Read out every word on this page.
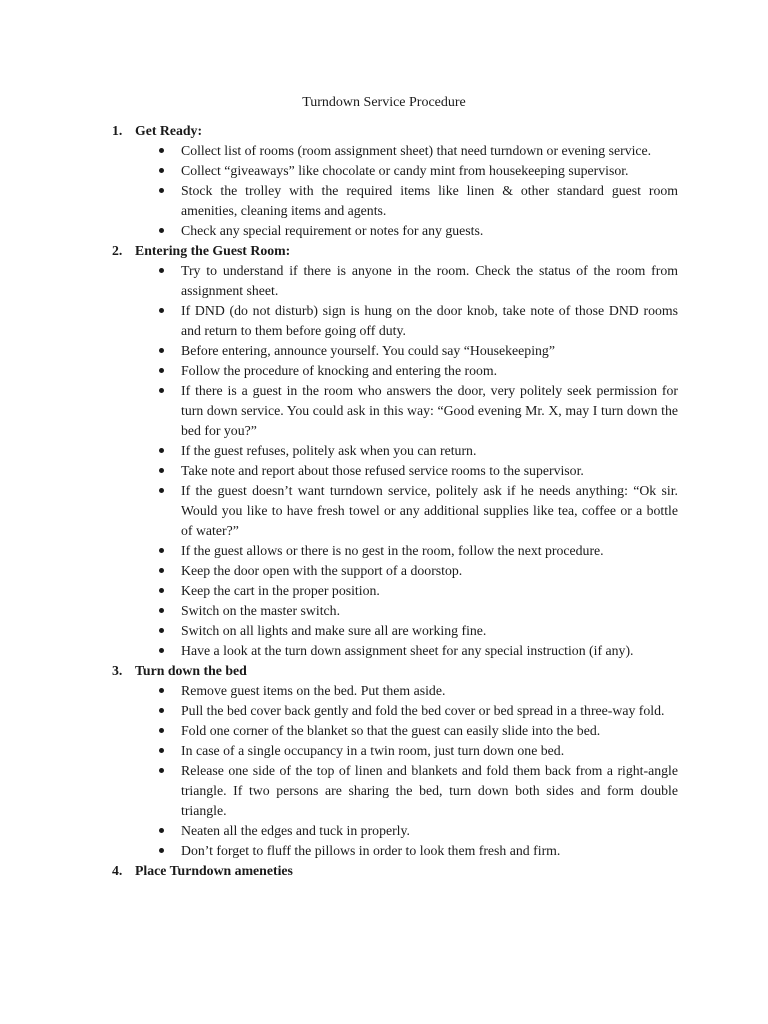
Turndown Service Procedure
1. Get Ready:
Collect list of rooms (room assignment sheet) that need turndown or evening service.
Collect “giveaways” like chocolate or candy mint from housekeeping supervisor.
Stock the trolley with the required items like linen & other standard guest room amenities, cleaning items and agents.
Check any special requirement or notes for any guests.
2. Entering the Guest Room:
Try to understand if there is anyone in the room. Check the status of the room from assignment sheet.
If DND (do not disturb) sign is hung on the door knob, take note of those DND rooms and return to them before going off duty.
Before entering, announce yourself. You could say “Housekeeping”
Follow the procedure of knocking and entering the room.
If there is a guest in the room who answers the door, very politely seek permission for turn down service. You could ask in this way: “Good evening Mr. X, may I turn down the bed for you?”
If the guest refuses, politely ask when you can return.
Take note and report about those refused service rooms to the supervisor.
If the guest doesn’t want turndown service, politely ask if he needs anything: “Ok sir. Would you like to have fresh towel or any additional supplies like tea, coffee or a bottle of water?”
If the guest allows or there is no gest in the room, follow the next procedure.
Keep the door open with the support of a doorstop.
Keep the cart in the proper position.
Switch on the master switch.
Switch on all lights and make sure all are working fine.
Have a look at the turn down assignment sheet for any special instruction (if any).
3. Turn down the bed
Remove guest items on the bed. Put them aside.
Pull the bed cover back gently and fold the bed cover or bed spread in a three-way fold.
Fold one corner of the blanket so that the guest can easily slide into the bed.
In case of a single occupancy in a twin room, just turn down one bed.
Release one side of the top of linen and blankets and fold them back from a right-angle triangle. If two persons are sharing the bed, turn down both sides and form double triangle.
Neaten all the edges and tuck in properly.
Don’t forget to fluff the pillows in order to look them fresh and firm.
4. Place Turndown ameneties
